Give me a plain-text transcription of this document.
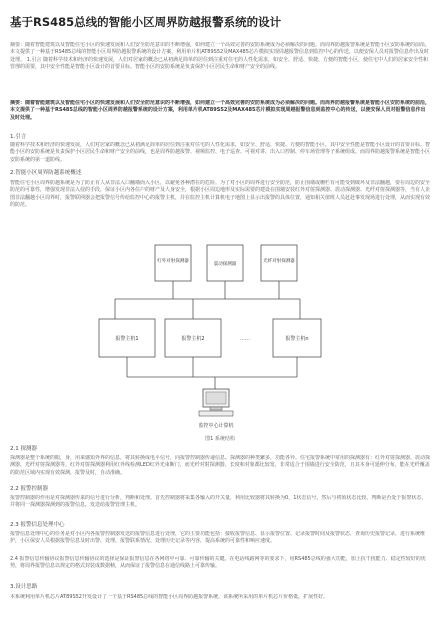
基于RS485总线的智能小区周界防越报警系统的设计

摘要：随着智能建筑以及智能住宅小区的快速发展和人们安全防范意识的不断增强，如何建立一个高效完善的安防系统成为必须解决的问题。而周界防越报警系统是智能小区安防系统的前沿，本文提供了一种基于RS485总线的智能小区周界防越报警系统的设计方案，利用单片机AT89S52及MAX485芯片模拟实现周越报警信息到监控中心的传送，以便安保人员对报警信息作出及时处理。 1.引言 随着科学技术和经济的快速发展，人们对居家的概念已从初满足简单的居住到注重对住宅的人性化需求，如安全、舒适、快捷、方便的智能小区，使住宅中人们的居家安全性和管理的需要，其中安全性能是智能小区设计的首要目标。智能小区的安防系统是负责保护小区居民生命和财产安全的前线。

摘要：随着智能建筑以及智能住宅小区的快速发展和人们安全防范意识的不断增强，如何建立一个高效完善的安防系统成为必须解决的问题。而周界防越报警系统是智能小区安防系统的前沿，本文提供了一种基于RS485总线的智能小区周界防越报警系统的设计方案，利用单片机AT89S52及MAX485芯片模拟实现周越报警信息到监控中心的传送，以便安保人员对报警信息作出及时处理。

1.引言

随着科学技术和经济的快速发展，人们对居家的概念已从初满足简单的居住到注重对住宅的人性化需求，如安全、舒适、快捷、方便的智能小区，其中安全性能是智能小区设计的首要目标。智能小区的安防系统是负责保护小区居民生命和财产安全的前线，也是周界防越报警、视频监控、电子巡查、可视对讲、出入口控制、停车场管理等子系统组成。而周界防越报警系统是智能小区安防系统的第一道防线。

2.智能小区周界防越系统概述

智能住宅小区周界防越系统是为了防止有人从非法入口翻墙而入小区，以避免各种潜在的危险。为了对小区的周界进行安全防范，防止围墙或栅栏有可能受到破坏及非法翻越，要在周边的安全防范的可靠性，增强发现非法入侵的手段，保证小区内各住户的财产及人身安全，根据小区周边地形及实际需要的建设在围墙安装红外对射探测器、震动探测器、光纤对射探测器等，当有人企图非法翻越小区周界时，报警联网器会把报警信号传给监控中心的报警主机，并在监控主机计算机电子地图上显示出报警的具体位置，通知相关值班人员赶赴事发现场进行处理，从而实现有效的防范。

红外对射探测器
震动探测器
光纤对射探测器
报警主机1	报警主机2	……	报警主机n
监控中心计算机
图1 系统结构
2.1 探测器

探测器是整个系统的眼，身，用来感知外界的信息，将其转换成电平信号，向报警控制器传递信息。探测器的种类繁多，功能各异。住宅报警系统中常用的探测器有：红外对射探测器、震动探测器、光纤对射探测器等。红外对射探测器利用红外线检测LED红外光束断门，而光纤对射探测器，长度和对象都比较宽，非常适合于围墙进行安全防范，且其本身可延伸分布，能在光纤覆盖的防范区域内实现有效探测，报警及时，自动准确。

2.2 报警控制器

报警控制器的作用是对探测器传来的信号进行分析，判断和处理。首先控制器将采集各输入的开关量，利用比较器将其转换为0，1状态信号，然后与初始状态比较，判断是否处于报警状态，并将同一探测器探测到的报警信息，发送给报警管理主机。

2.3 报警信息处理中心

报警信息处理中心的任务是对小区内各报警控制器发送的报警信息进行处理，它的主要功能包括：接收报警信息、显示报警位置、记录报警时间及报警状态，查询历史报警记录，进行系统维护，小区保安人员根据报警信息及时出警、处理、报警联系情况、处理历史记录等内容，提高系统的可靠性和响应速度。

2.4 报警信息传输协议报警信息传输协议的选择是保证报警信息在各网络中可靠、可靠传输的关键。在电话线路网等的要求下，用RS485总线的强大功能，加上抗干扰能力、稳定性较好的优势，将周界报警信息以规定的格式封装成数据帧，从而保证了报警信息在通信线路上可靠传输。

3.设计思路

本系统利用单片机芯片AT89S52开发设计了一个基于RS485总线的智能小区周界防越报警系统，该系统所采用的单片机芯片价格低，扩展性好。
